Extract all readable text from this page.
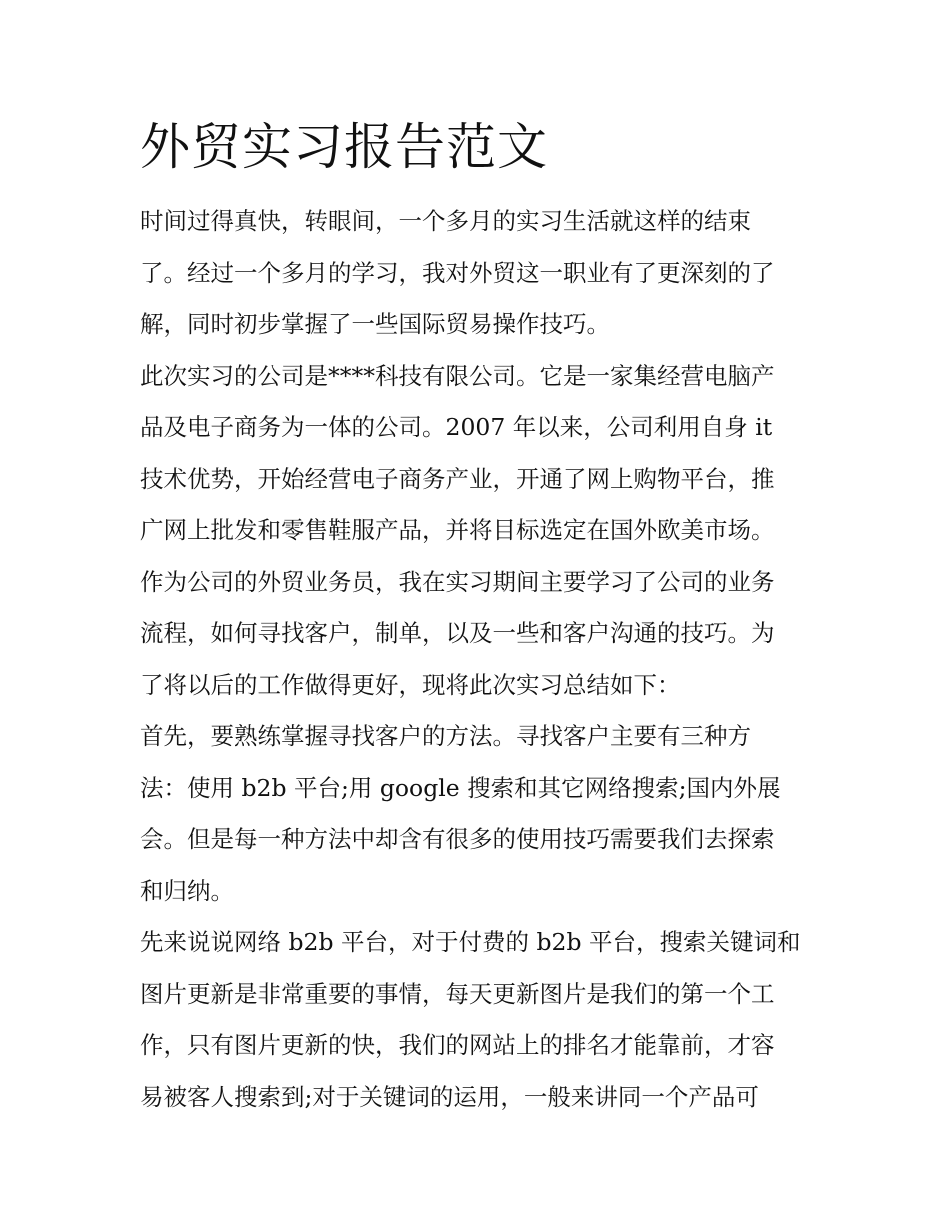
外贸实习报告范文
时间过得真快，转眼间，一个多月的实习生活就这样的结束
了。经过一个多月的学习，我对外贸这一职业有了更深刻的了
解，同时初步掌握了一些国际贸易操作技巧。
此次实习的公司是****科技有限公司。它是一家集经营电脑产
品及电子商务为一体的公司。2007 年以来，公司利用自身 it
技术优势，开始经营电子商务产业，开通了网上购物平台，推
广网上批发和零售鞋服产品，并将目标选定在国外欧美市场。
作为公司的外贸业务员，我在实习期间主要学习了公司的业务
流程，如何寻找客户，制单，以及一些和客户沟通的技巧。为
了将以后的工作做得更好，现将此次实习总结如下：
首先，要熟练掌握寻找客户的方法。寻找客户主要有三种方
法：使用 b2b 平台;用 google 搜索和其它网络搜索;国内外展
会。但是每一种方法中却含有很多的使用技巧需要我们去探索
和归纳。
先来说说网络 b2b 平台，对于付费的 b2b 平台，搜索关键词和
图片更新是非常重要的事情，每天更新图片是我们的第一个工
作，只有图片更新的快，我们的网站上的排名才能靠前，才容
易被客人搜索到;对于关键词的运用，一般来讲同一个产品可
